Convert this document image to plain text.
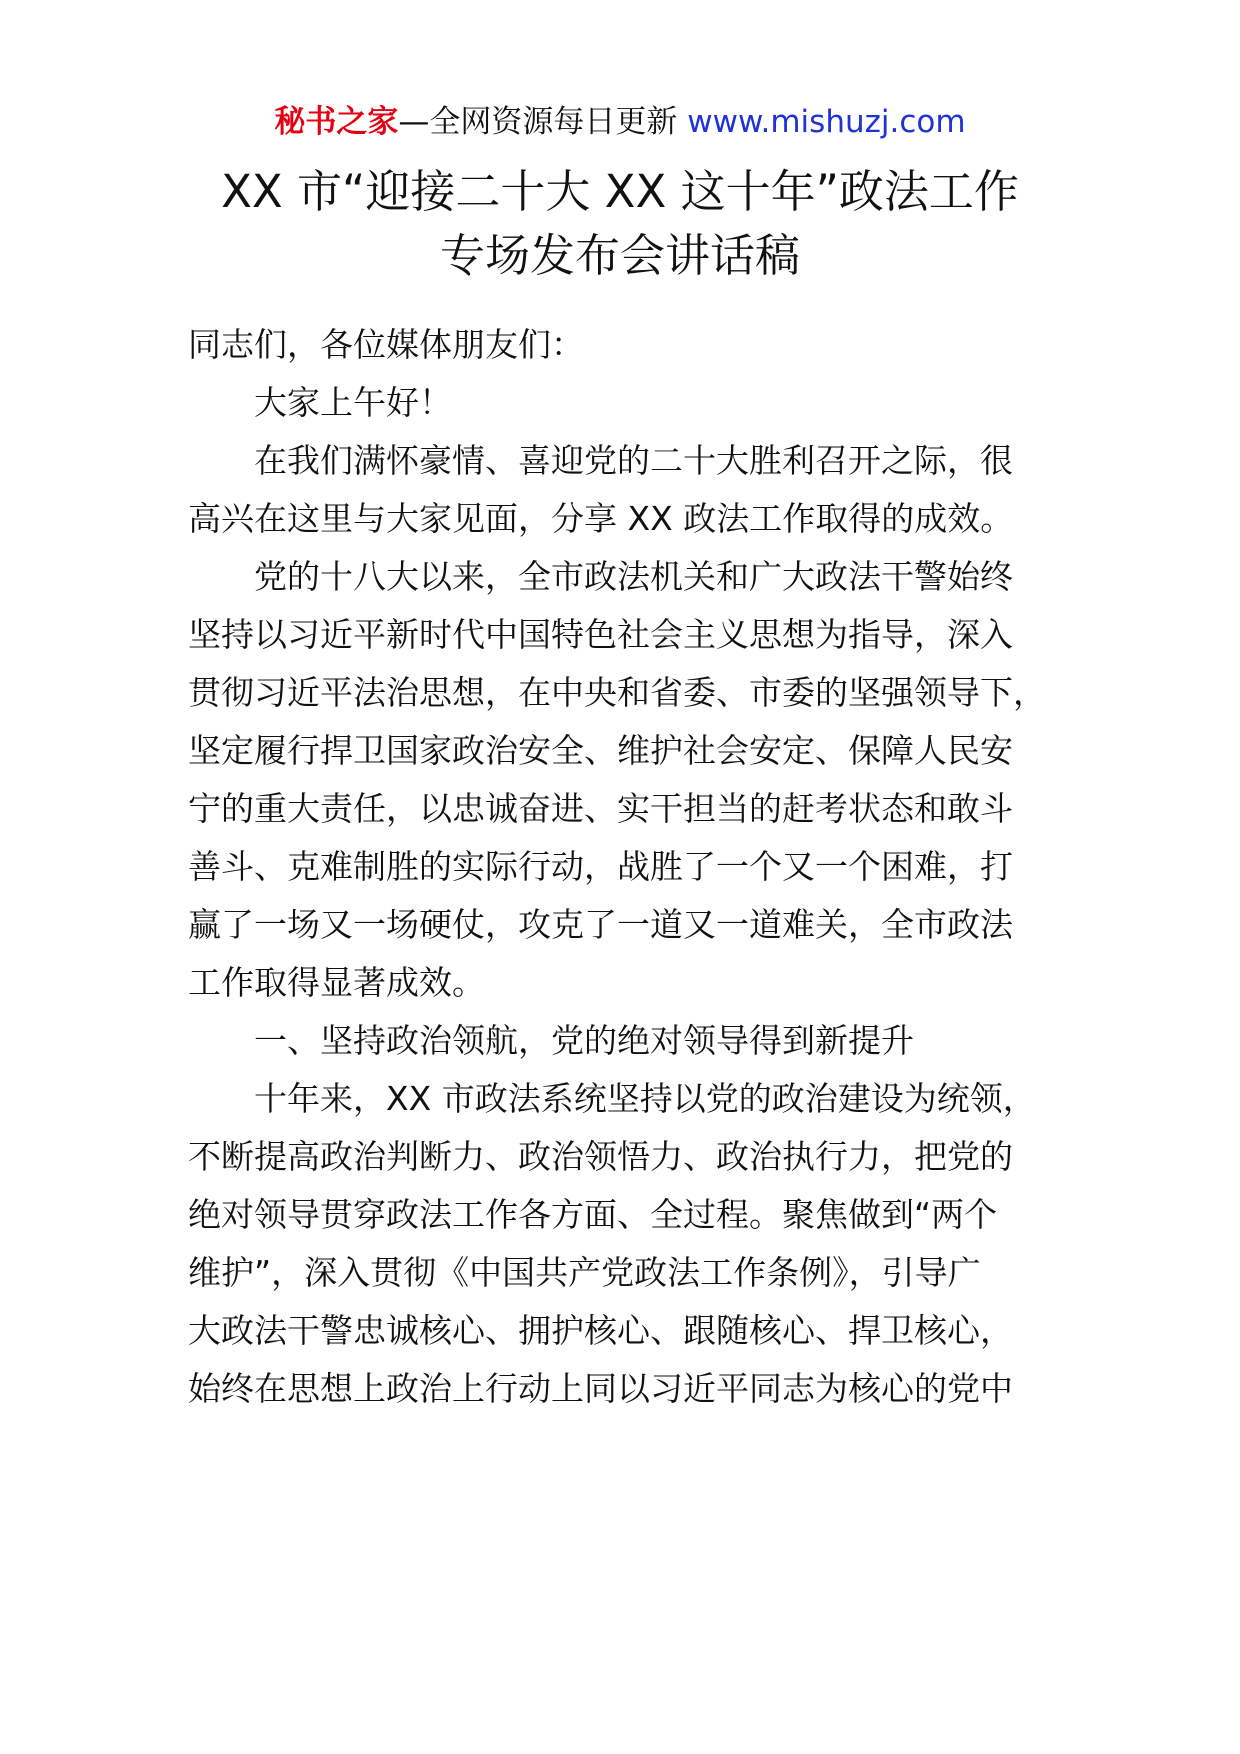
秘书之家—全网资源每日更新 www.mishuzj.com
XX 市“迎接二十大 XX 这十年”政法工作
专场发布会讲话稿
同志们，各位媒体朋友们：
大家上午好！
在我们满怀豪情、喜迎党的二十大胜利召开之际，很
高兴在这里与大家见面，分享 XX 政法工作取得的成效。
党的十八大以来，全市政法机关和广大政法干警始终
坚持以习近平新时代中国特色社会主义思想为指导，深入
贯彻习近平法治思想，在中央和省委、市委的坚强领导下，
坚定履行捍卫国家政治安全、维护社会安定、保障人民安
宁的重大责任，以忠诚奋进、实干担当的赶考状态和敢斗
善斗、克难制胜的实际行动，战胜了一个又一个困难，打
赢了一场又一场硬仗，攻克了一道又一道难关，全市政法
工作取得显著成效。
一、坚持政治领航，党的绝对领导得到新提升
十年来，XX 市政法系统坚持以党的政治建设为统领，
不断提高政治判断力、政治领悟力、政治执行力，把党的
绝对领导贯穿政法工作各方面、全过程。聚焦做到“两个
维护”，深入贯彻《中国共产党政法工作条例》，引导广
大政法干警忠诚核心、拥护核心、跟随核心、捍卫核心，
始终在思想上政治上行动上同以习近平同志为核心的党中
